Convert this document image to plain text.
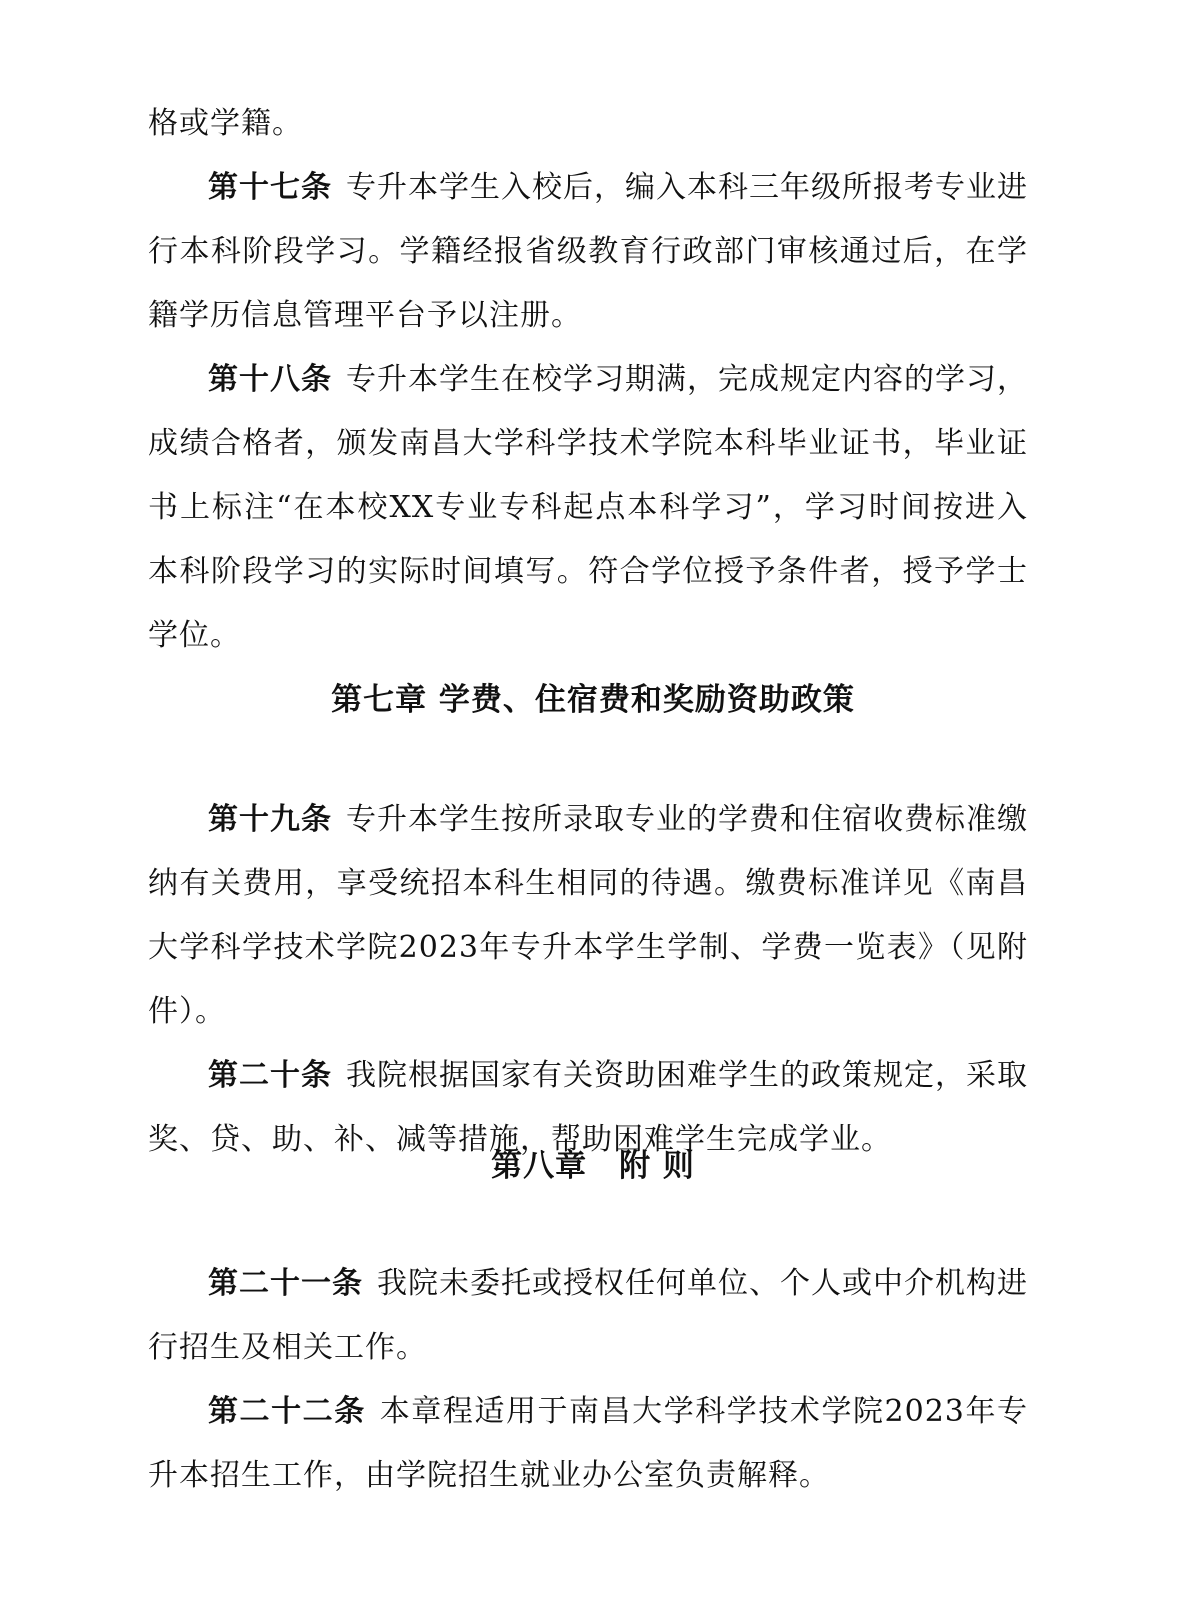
格或学籍。

第十七条 专升本学生入校后，编入本科三年级所报考专业进行本科阶段学习。学籍经报省级教育行政部门审核通过后，在学籍学历信息管理平台予以注册。

第十八条 专升本学生在校学习期满，完成规定内容的学习，成绩合格者，颁发南昌大学科学技术学院本科毕业证书，毕业证书上标注“在本校XX专业专科起点本科学习”，学习时间按进入本科阶段学习的实际时间填写。符合学位授予条件者，授予学士学位。

第七章 学费、住宿费和奖励资助政策

第十九条 专升本学生按所录取专业的学费和住宿收费标准缴纳有关费用，享受统招本科生相同的待遇。缴费标准详见《南昌大学科学技术学院2023年专升本学生学制、学费一览表》（见附件）。

第二十条 我院根据国家有关资助困难学生的政策规定，采取奖、贷、助、补、减等措施，帮助困难学生完成学业。

第八章　附 则

第二十一条 我院未委托或授权任何单位、个人或中介机构进行招生及相关工作。

第二十二条 本章程适用于南昌大学科学技术学院2023年专升本招生工作，由学院招生就业办公室负责解释。
